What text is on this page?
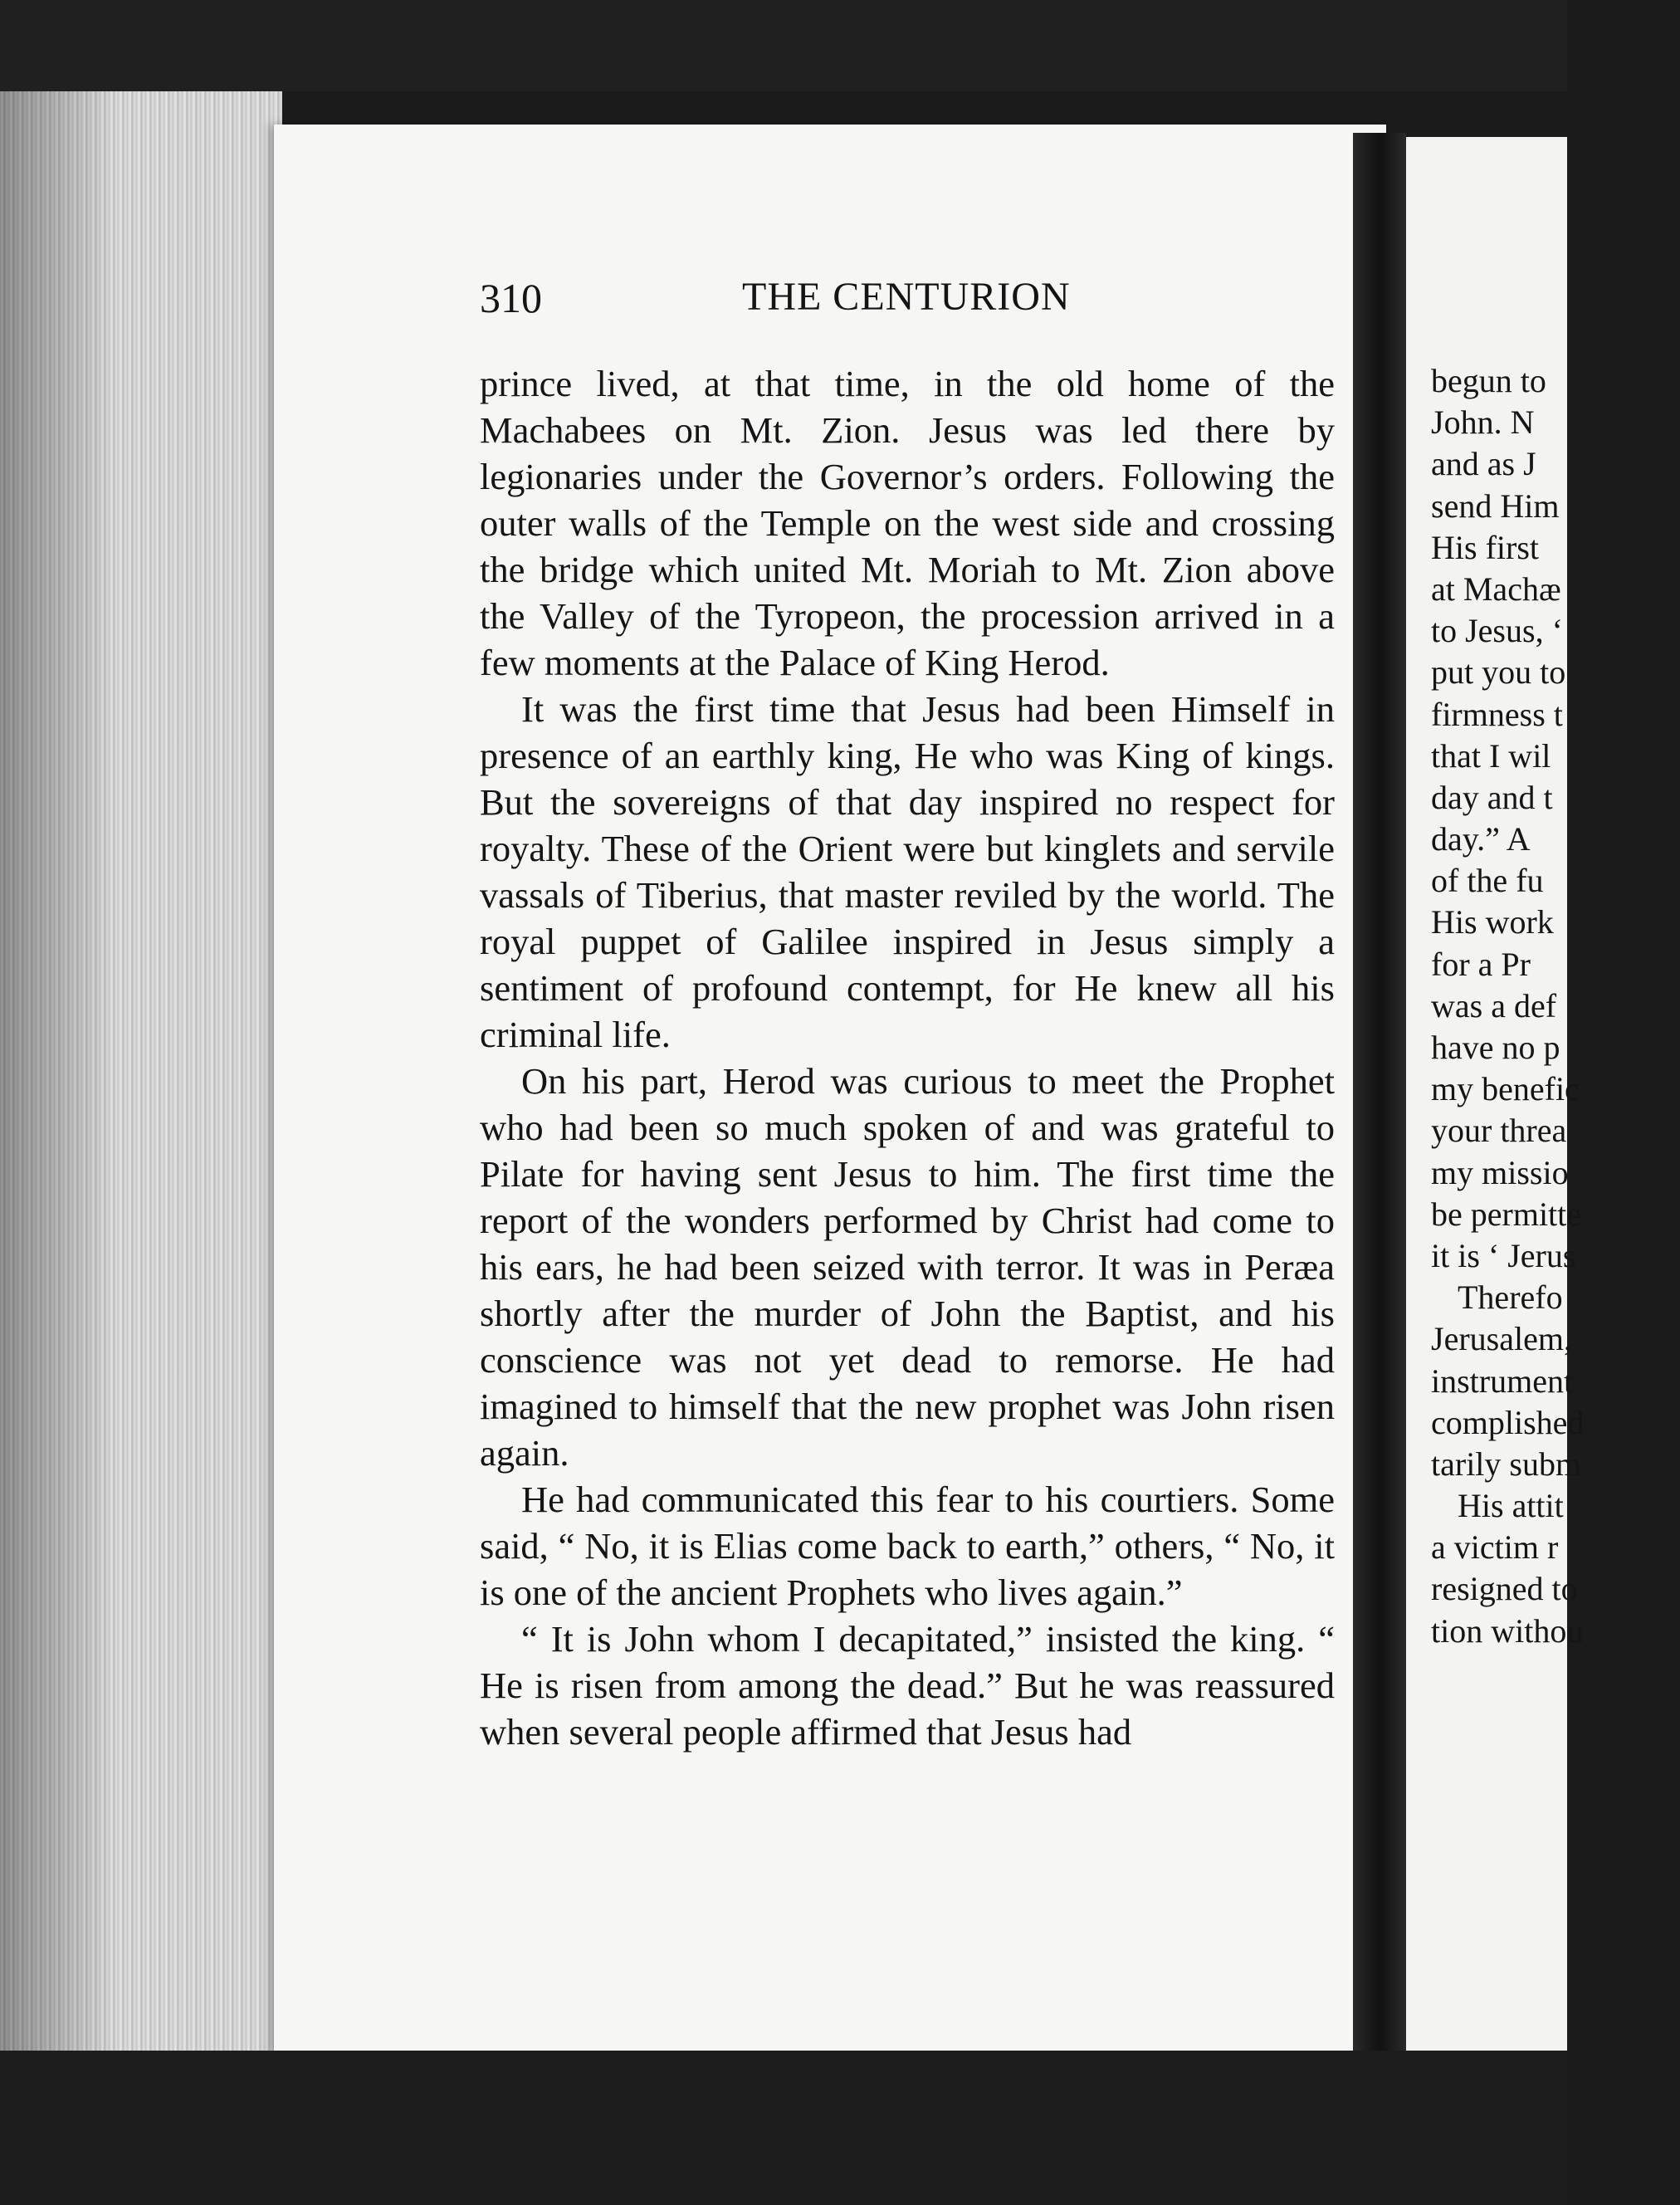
310	THE CENTURION

prince lived, at that time, in the old home of the Machabees on Mt. Zion. Jesus was led there by legionaries under the Governor’s orders. Following the outer walls of the Temple on the west side and crossing the bridge which united Mt. Moriah to Mt. Zion above the Valley of the Tyropeon, the procession arrived in a few moments at the Palace of King Herod.

It was the first time that Jesus had been Himself in presence of an earthly king, He who was King of kings. But the sovereigns of that day inspired no respect for royalty. These of the Orient were but kinglets and servile vassals of Tiberius, that master reviled by the world. The royal puppet of Galilee inspired in Jesus simply a sentiment of profound contempt, for He knew all his criminal life.

On his part, Herod was curious to meet the Prophet who had been so much spoken of and was grateful to Pilate for having sent Jesus to him. The first time the report of the wonders performed by Christ had come to his ears, he had been seized with terror. It was in Peræa shortly after the murder of John the Baptist, and his conscience was not yet dead to remorse. He had imagined to himself that the new prophet was John risen again.

He had communicated this fear to his courtiers. Some said, “ No, it is Elias come back to earth,” others, “ No, it is one of the ancient Prophets who lives again.”

“ It is John whom I decapitated,” insisted the king. “ He is risen from among the dead.” But he was reassured when several people affirmed that Jesus had

begun to
John. N
and as J
send Him
His first
at Machæ
to Jesus, ‘
put you to
firmness t
that I wil
day and t
day.” A
of the fu
His work
for a Pr
was a def
have no p
my benefic
your threa
my missio
be permitte
it is ‘ Jerus
Therefo
Jerusalem,
instrument
complished
tarily subm
His attit
a victim r
resigned to
tion withou
